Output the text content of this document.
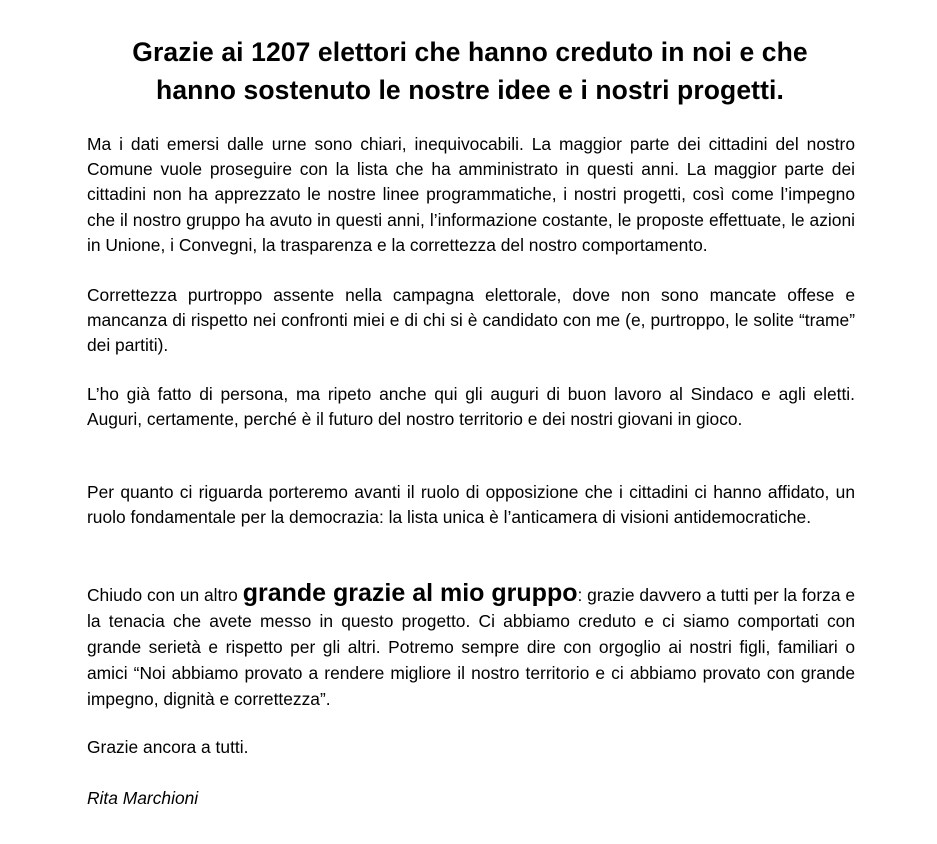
Grazie ai 1207 elettori che hanno creduto in noi e che
hanno sostenuto le nostre idee e i nostri progetti.

Ma i dati emersi dalle urne sono chiari, inequivocabili. La maggior parte dei cittadini del nostro Comune vuole proseguire con la lista che ha amministrato in questi anni. La maggior parte dei cittadini non ha apprezzato le nostre linee programmatiche, i nostri progetti, così come l’impegno che il nostro gruppo ha avuto in questi anni, l’informazione costante, le proposte effettuate, le azioni in Unione, i Convegni, la trasparenza e la correttezza del nostro comportamento.

Correttezza purtroppo assente nella campagna elettorale, dove non sono mancate offese e mancanza di rispetto nei confronti miei e di chi si è candidato con me (e, purtroppo, le solite “trame” dei partiti).

L’ho già fatto di persona, ma ripeto anche qui gli auguri di buon lavoro al Sindaco e agli eletti. Auguri, certamente, perché è il futuro del nostro territorio e dei nostri giovani in gioco.

Per quanto ci riguarda porteremo avanti il ruolo di opposizione che i cittadini ci hanno affidato, un ruolo fondamentale per la democrazia: la lista unica è l’anticamera di visioni antidemocratiche.

Chiudo con un altro grande grazie al mio gruppo: grazie davvero a tutti per la forza e la tenacia che avete messo in questo progetto. Ci abbiamo creduto e ci siamo comportati con grande serietà e rispetto per gli altri. Potremo sempre dire con orgoglio ai nostri figli, familiari o amici “Noi abbiamo provato a rendere migliore il nostro territorio e ci abbiamo provato con grande impegno, dignità e correttezza”.

Grazie ancora a tutti.

Rita Marchioni
